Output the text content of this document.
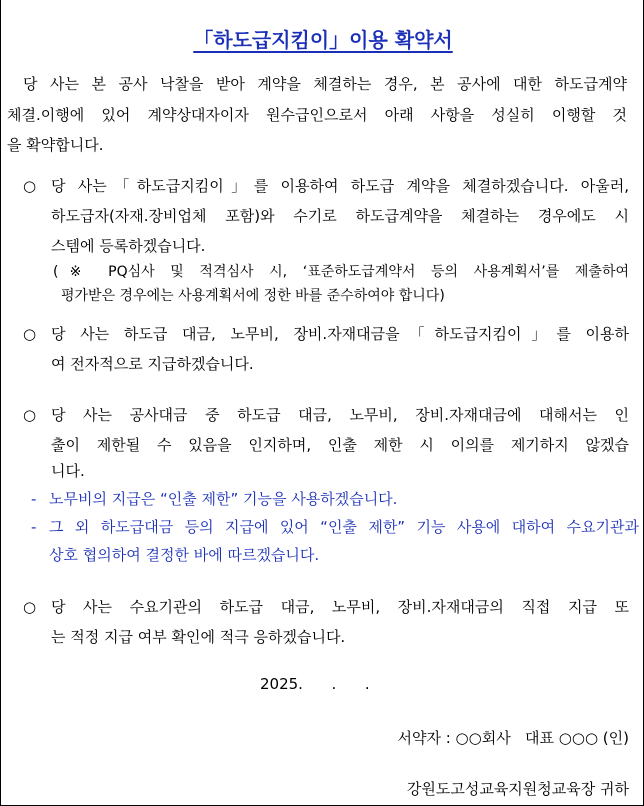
「하도급지킴이」이용 확약서
당 사는 본 공사 낙찰을 받아 계약을 체결하는 경우, 본 공사에 대한 하도급계약
체결.이행에 있어 계약상대자이자 원수급인으로서 아래 사항을 성실히 이행할 것
을 확약합니다.
○ 당 사는「하도급지킴이」를 이용하여 하도급 계약을 체결하겠습니다. 아울러,
하도급자(자재.장비업체 포함)와 수기로 하도급계약을 체결하는 경우에도 시
스템에 등록하겠습니다.
(※ PQ심사 및 적격심사 시, ‘표준하도급계약서 등의 사용계획서’를 제출하여
평가받은 경우에는 사용계획서에 정한 바를 준수하여야 합니다)
○ 당 사는 하도급 대금, 노무비, 장비.자재대금을「하도급지킴이」를 이용하
여 전자적으로 지급하겠습니다.
○ 당 사는 공사대금 중 하도급 대금, 노무비, 장비.자재대금에 대해서는 인
출이 제한될 수 있음을 인지하며, 인출 제한 시 이의를 제기하지 않겠습
니다.
- 노무비의 지급은 “인출 제한” 기능을 사용하겠습니다.
- 그 외 하도급대금 등의 지급에 있어 “인출 제한” 기능 사용에 대하여 수요기관과
상호 협의하여 결정한 바에 따르겠습니다.
○ 당 사는 수요기관의 하도급 대금, 노무비, 장비.자재대금의 직접 지급 또
는 적정 지급 여부 확인에 적극 응하겠습니다.
2025.      .      .
서약자 : ○○회사   대표 ○○○ (인)
강원도고성교육지원청교육장 귀하
